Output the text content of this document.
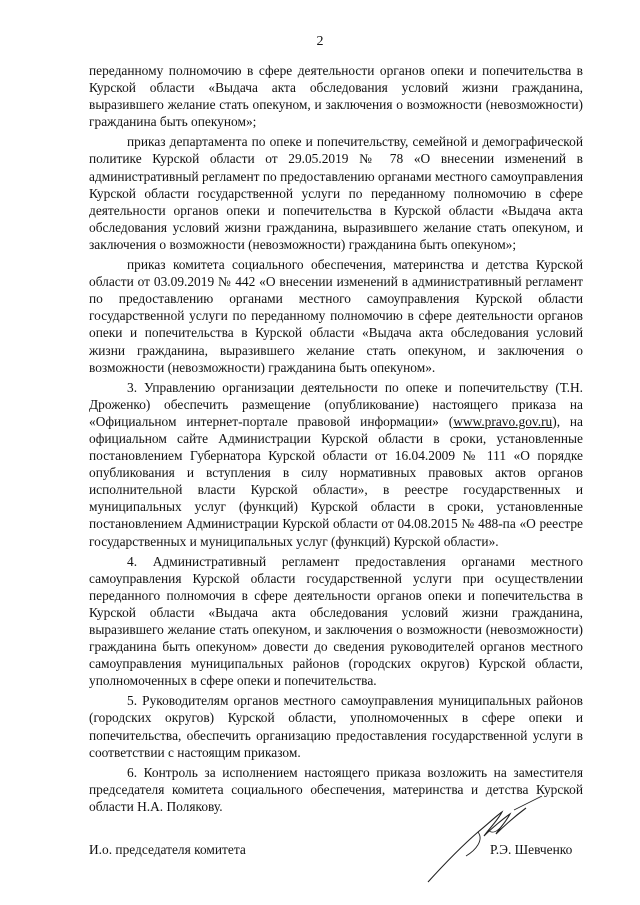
2

переданному полномочию в сфере деятельности органов опеки и попечительства в Курской области «Выдача акта обследования условий жизни гражданина, выразившего желание стать опекуном, и заключения о возможности (невозможности) гражданина быть опекуном»;

приказ департамента по опеке и попечительству, семейной и демографической политике Курской области от 29.05.2019 № 78 «О внесении изменений в административный регламент по предоставлению органами местного самоуправления Курской области государственной услуги по переданному полномочию в сфере деятельности органов опеки и попечительства в Курской области «Выдача акта обследования условий жизни гражданина, выразившего желание стать опекуном, и заключения о возможности (невозможности) гражданина быть опекуном»;

приказ комитета социального обеспечения, материнства и детства Курской области от 03.09.2019 № 442 «О внесении изменений в административный регламент по предоставлению органами местного самоуправления Курской области государственной услуги по переданному полномочию в сфере деятельности органов опеки и попечительства в Курской области «Выдача акта обследования условий жизни гражданина, выразившего желание стать опекуном, и заключения о возможности (невозможности) гражданина быть опекуном».

3. Управлению организации деятельности по опеке и попечительству (Т.Н. Дроженко) обеспечить размещение (опубликование) настоящего приказа на «Официальном интернет-портале правовой информации» (www.pravo.gov.ru), на официальном сайте Администрации Курской области в сроки, установленные постановлением Губернатора Курской области от 16.04.2009 № 111 «О порядке опубликования и вступления в силу нормативных правовых актов органов исполнительной власти Курской области», в реестре государственных и муниципальных услуг (функций) Курской области в сроки, установленные постановлением Администрации Курской области от 04.08.2015 № 488-па «О реестре государственных и муниципальных услуг (функций) Курской области».

4. Административный регламент предоставления органами местного самоуправления Курской области государственной услуги при осуществлении переданного полномочия в сфере деятельности органов опеки и попечительства в Курской области «Выдача акта обследования условий жизни гражданина, выразившего желание стать опекуном, и заключения о возможности (невозможности) гражданина быть опекуном» довести до сведения руководителей органов местного самоуправления муниципальных районов (городских округов) Курской области, уполномоченных в сфере опеки и попечительства.

5. Руководителям органов местного самоуправления муниципальных районов (городских округов) Курской области, уполномоченных в сфере опеки и попечительства, обеспечить организацию предоставления государственной услуги в соответствии с настоящим приказом.

6. Контроль за исполнением настоящего приказа возложить на заместителя председателя комитета социального обеспечения, материнства и детства Курской области Н.А. Полякову.

И.о. председателя комитета	Р.Э. Шевченко
